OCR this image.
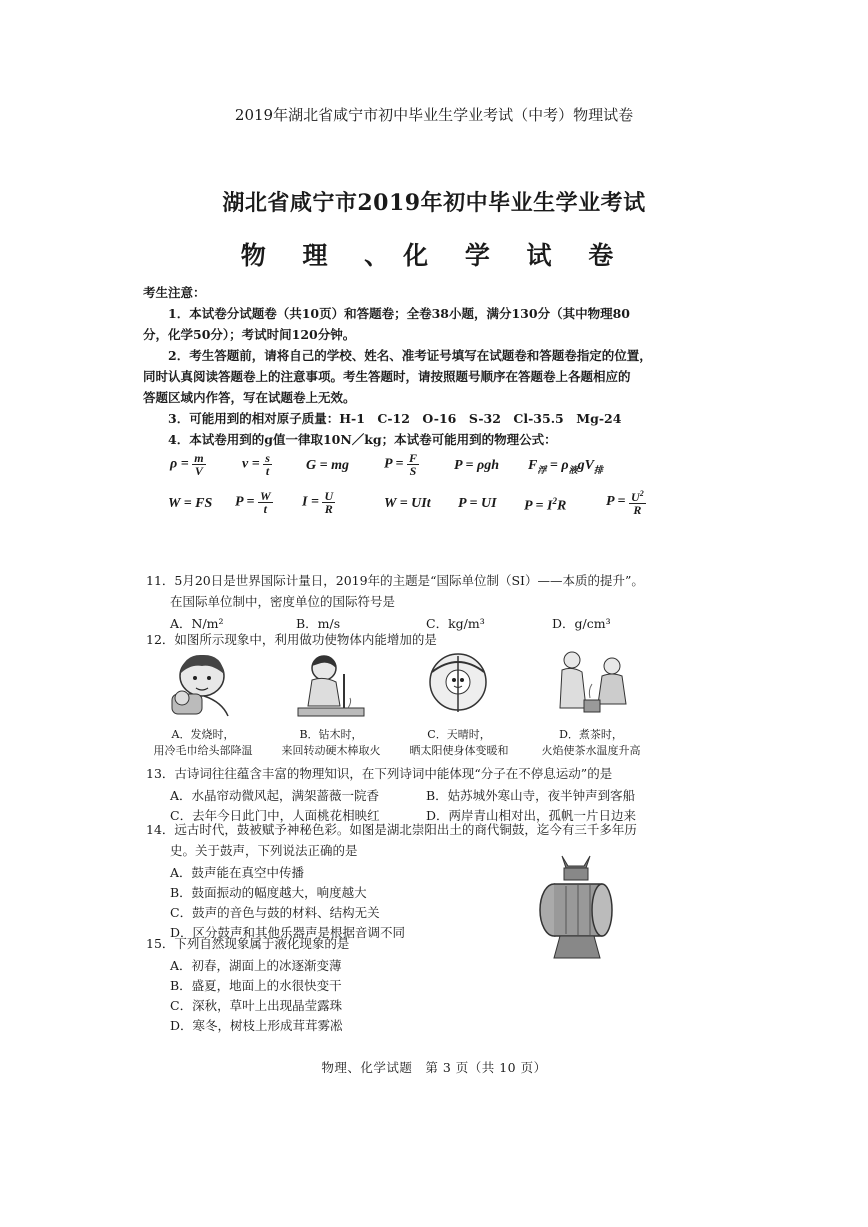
2019年湖北省咸宁市初中毕业生学业考试（中考）物理试卷
湖北省咸宁市2019年初中毕业生学业考试
物 理 、化 学 试 卷
考生注意：
1．本试卷分试题卷（共10页）和答题卷；全卷38小题，满分130分（其中物理80
分，化学50分）；考试时间120分钟。
2．考生答题前，请将自己的学校、姓名、准考证号填写在试题卷和答题卷指定的位置，
同时认真阅读答题卷上的注意事项。考生答题时，请按照题号顺序在答题卷上各题相应的
答题区域内作答，写在试题卷上无效。
3．可能用到的相对原子质量：H-1　C-12　O-16　S-32　Cl-35.5　Mg-24
4．本试卷用到的g值一律取10N／kg；本试卷可能用到的物理公式：
$\rho = \frac{m}{V}$	$v = \frac{s}{t}$ G = mg	$P = \frac{F}{S}$ P = ρgh $F_浮 = \rho_液gV_排$
W = FS $P = \frac{W}{t}$ $I = \frac{U}{R}$	W = UIt P = UI $P = I^2R$	$P = \frac{U^2}{R}$
11．5月20日是世界国际计量日，2019年的主题是“国际单位制（SI）——本质的提升”。
在国际单位制中，密度单位的国际符号是
A．N/m²	B．m/s	C．kg/m³	D．g/cm³
12．如图所示现象中，利用做功使物体内能增加的是
A．发烧时，
用冷毛巾给头部降温
B．钻木时，
来回转动硬木棒取火
C．天晴时，
晒太阳使身体变暖和
D．煮茶时，
火焰使茶水温度升高
13．古诗词往往蕴含丰富的物理知识，在下列诗词中能体现“分子在不停息运动”的是
A．水晶帘动微风起，满架蔷薇一院香	B．姑苏城外寒山寺，夜半钟声到客船
C．去年今日此门中，人面桃花相映红	D．两岸青山相对出，孤帆一片日边来
14．远古时代，鼓被赋予神秘色彩。如图是湖北崇阳出土的商代铜鼓，迄今有三千多年历
史。关于鼓声，下列说法正确的是
A．鼓声能在真空中传播
B．鼓面振动的幅度越大，响度越大
C．鼓声的音色与鼓的材料、结构无关
D．区分鼓声和其他乐器声是根据音调不同
15．下列自然现象属于液化现象的是
A．初春，湖面上的冰逐渐变薄
B．盛夏，地面上的水很快变干
C．深秋，草叶上出现晶莹露珠
D．寒冬，树枝上形成茸茸雾凇
物理、化学试题　第 3 页（共 10 页）
